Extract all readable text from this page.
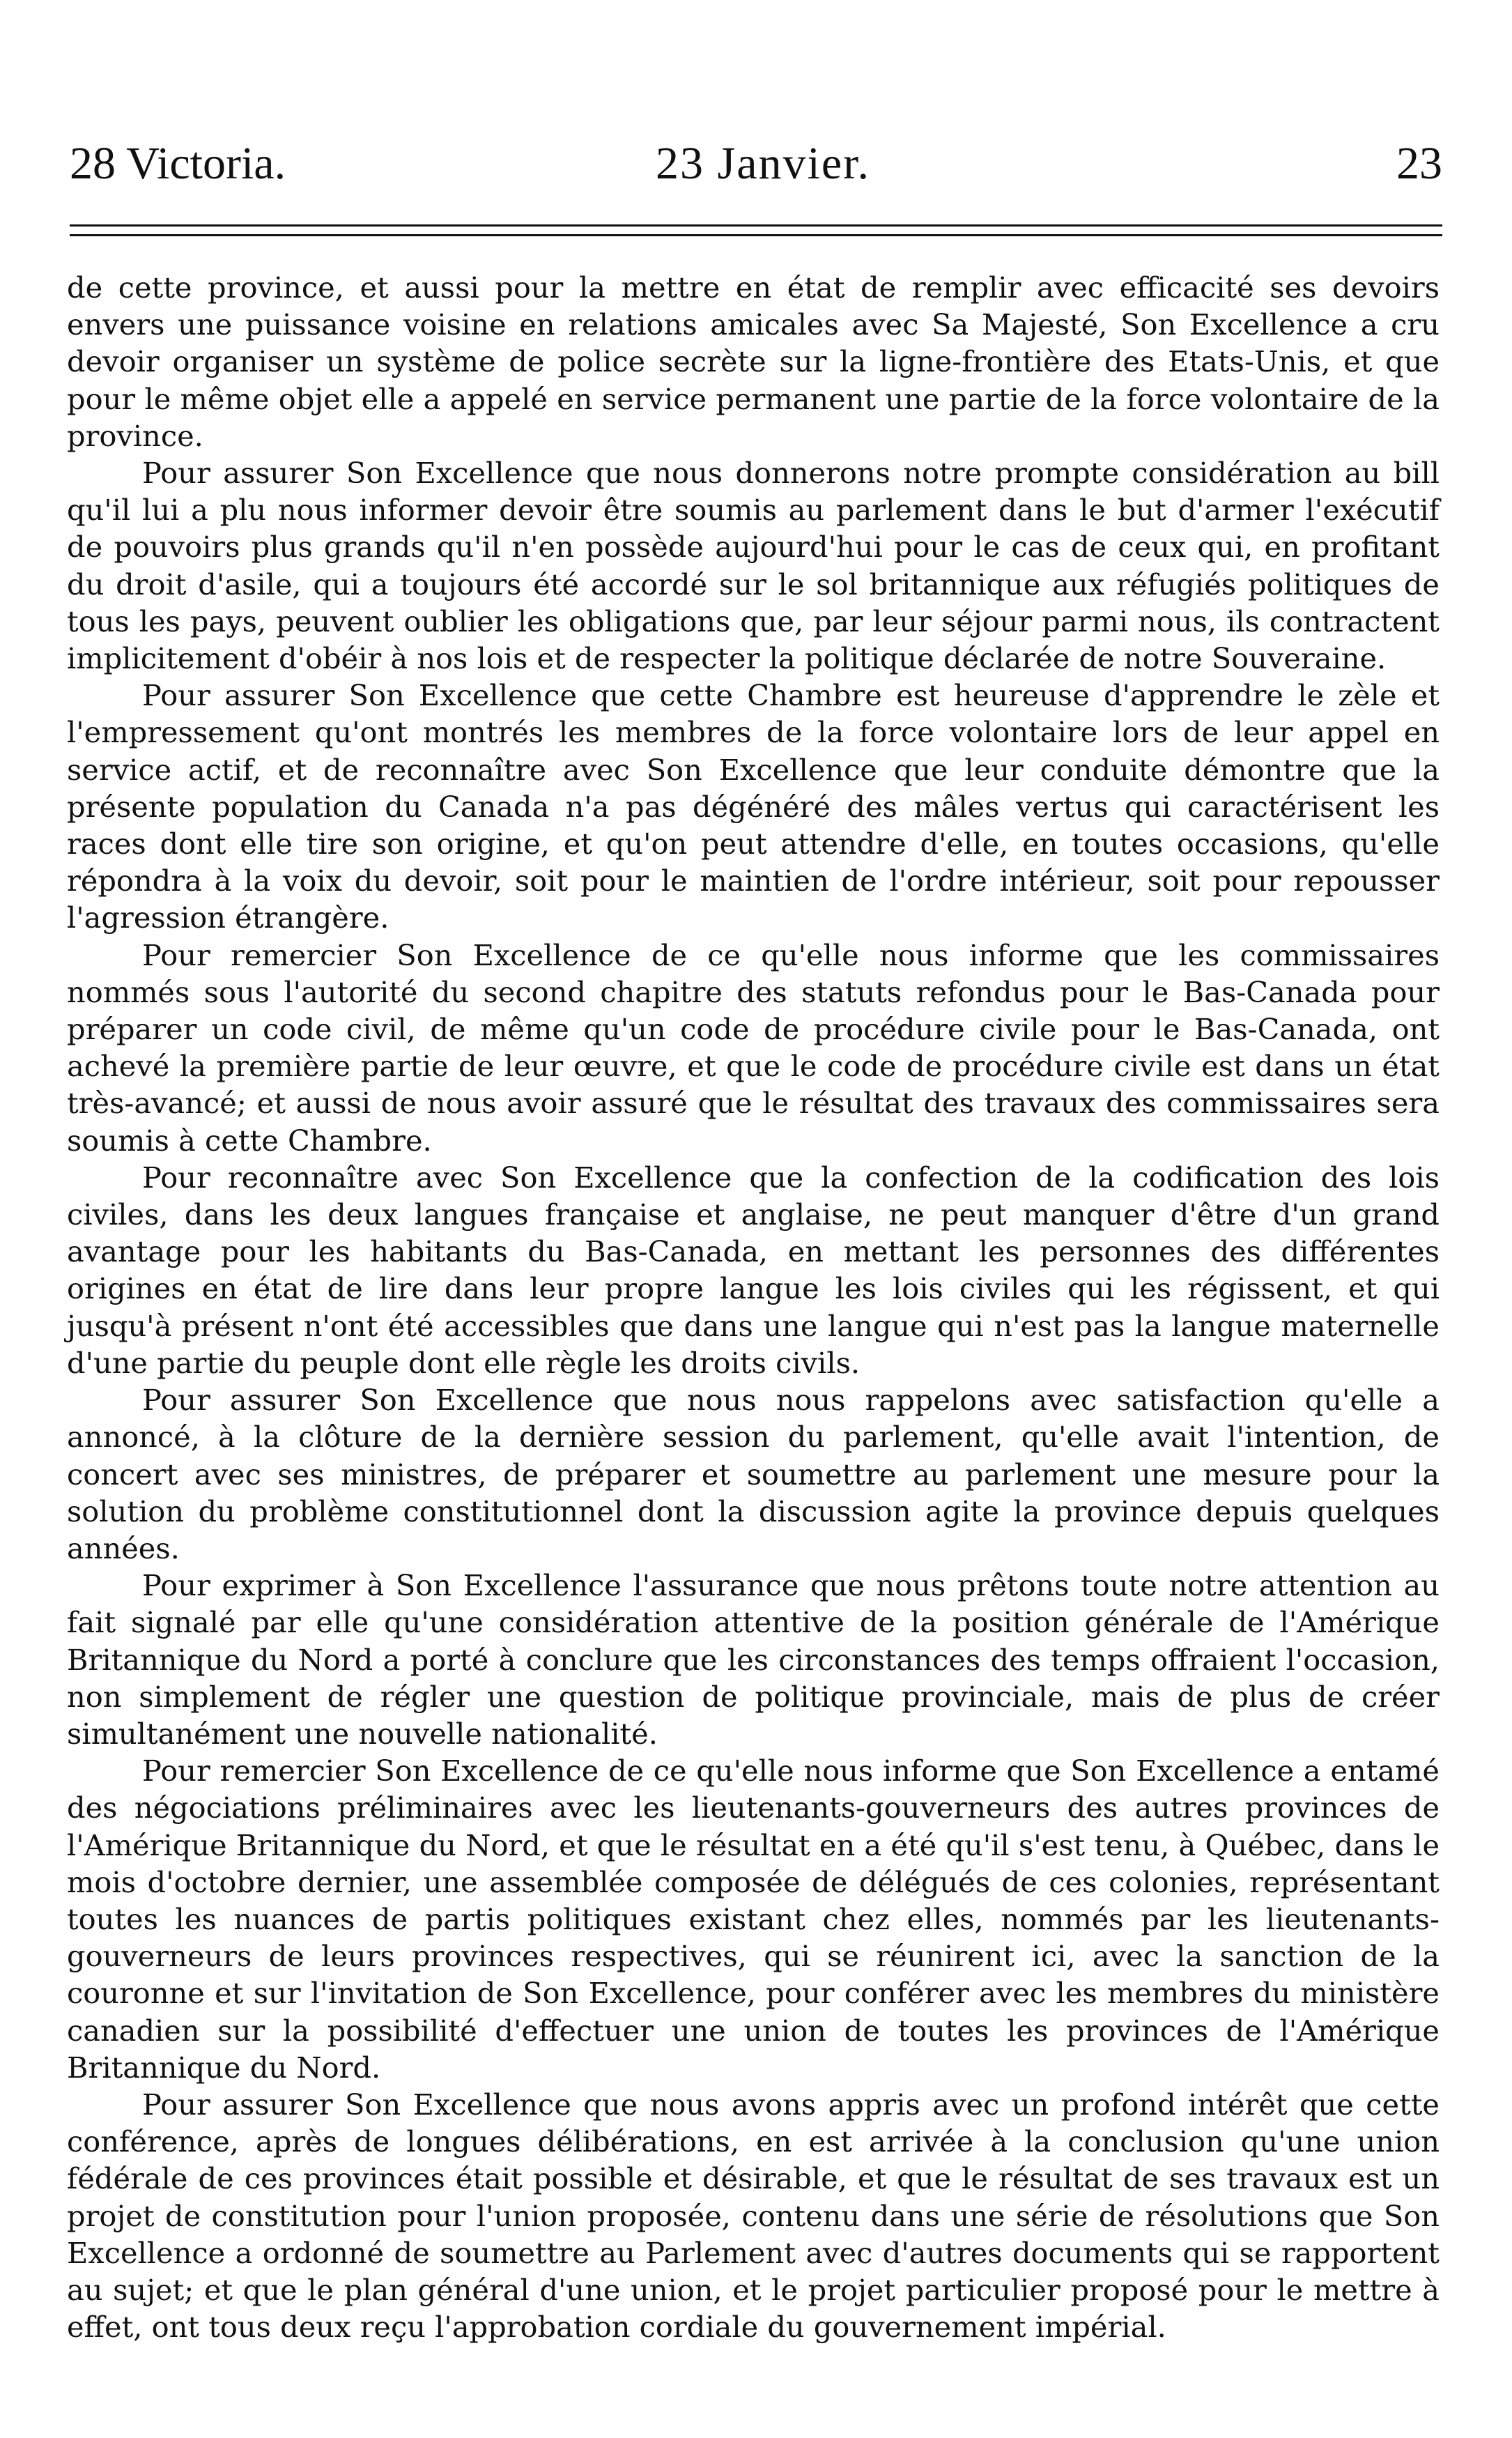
28 Victoria.	23 Janvier.	23

de cette province, et aussi pour la mettre en état de remplir avec efficacité ses devoirs envers une puissance voisine en relations amicales avec Sa Majesté, Son Excellence a cru devoir organiser un système de police secrète sur la ligne-frontière des Etats-Unis, et que pour le même objet elle a appelé en service permanent une partie de la force volontaire de la province.

Pour assurer Son Excellence que nous donnerons notre prompte considération au bill qu'il lui a plu nous informer devoir être soumis au parlement dans le but d'armer l'exécutif de pouvoirs plus grands qu'il n'en possède aujourd'hui pour le cas de ceux qui, en profitant du droit d'asile, qui a toujours été accordé sur le sol britannique aux réfugiés politiques de tous les pays, peuvent oublier les obligations que, par leur séjour parmi nous, ils contractent implicitement d'obéir à nos lois et de respecter la politique déclarée de notre Souveraine.

Pour assurer Son Excellence que cette Chambre est heureuse d'apprendre le zèle et l'empressement qu'ont montrés les membres de la force volontaire lors de leur appel en service actif, et de reconnaître avec Son Excellence que leur conduite démontre que la présente population du Canada n'a pas dégénéré des mâles vertus qui caractérisent les races dont elle tire son origine, et qu'on peut attendre d'elle, en toutes occasions, qu'elle répondra à la voix du devoir, soit pour le maintien de l'ordre intérieur, soit pour repousser l'agression étrangère.

Pour remercier Son Excellence de ce qu'elle nous informe que les commissaires nommés sous l'autorité du second chapitre des statuts refondus pour le Bas-Canada pour préparer un code civil, de même qu'un code de procédure civile pour le Bas-Canada, ont achevé la première partie de leur œuvre, et que le code de procédure civile est dans un état très-avancé; et aussi de nous avoir assuré que le résultat des travaux des commissaires sera soumis à cette Chambre.

Pour reconnaître avec Son Excellence que la confection de la codification des lois civiles, dans les deux langues française et anglaise, ne peut manquer d'être d'un grand avantage pour les habitants du Bas-Canada, en mettant les personnes des différentes origines en état de lire dans leur propre langue les lois civiles qui les régissent, et qui jusqu'à présent n'ont été accessibles que dans une langue qui n'est pas la langue maternelle d'une partie du peuple dont elle règle les droits civils.

Pour assurer Son Excellence que nous nous rappelons avec satisfaction qu'elle a annoncé, à la clôture de la dernière session du parlement, qu'elle avait l'intention, de concert avec ses ministres, de préparer et soumettre au parlement une mesure pour la solution du problème constitutionnel dont la discussion agite la province depuis quelques années.

Pour exprimer à Son Excellence l'assurance que nous prêtons toute notre attention au fait signalé par elle qu'une considération attentive de la position générale de l'Amérique Britannique du Nord a porté à conclure que les circonstances des temps offraient l'occasion, non simplement de régler une question de politique provinciale, mais de plus de créer simultanément une nouvelle nationalité.

Pour remercier Son Excellence de ce qu'elle nous informe que Son Excellence a entamé des négociations préliminaires avec les lieutenants-gouverneurs des autres provinces de l'Amérique Britannique du Nord, et que le résultat en a été qu'il s'est tenu, à Québec, dans le mois d'octobre dernier, une assemblée composée de délégués de ces colonies, représentant toutes les nuances de partis politiques existant chez elles, nommés par les lieutenants-gouverneurs de leurs provinces respectives, qui se réunirent ici, avec la sanction de la couronne et sur l'invitation de Son Excellence, pour conférer avec les membres du ministère canadien sur la possibilité d'effectuer une union de toutes les provinces de l'Amérique Britannique du Nord.

Pour assurer Son Excellence que nous avons appris avec un profond intérêt que cette conférence, après de longues délibérations, en est arrivée à la conclusion qu'une union fédérale de ces provinces était possible et désirable, et que le résultat de ses travaux est un projet de constitution pour l'union proposée, contenu dans une série de résolutions que Son Excellence a ordonné de soumettre au Parlement avec d'autres documents qui se rapportent au sujet; et que le plan général d'une union, et le projet particulier proposé pour le mettre à effet, ont tous deux reçu l'approbation cordiale du gouvernement impérial.
